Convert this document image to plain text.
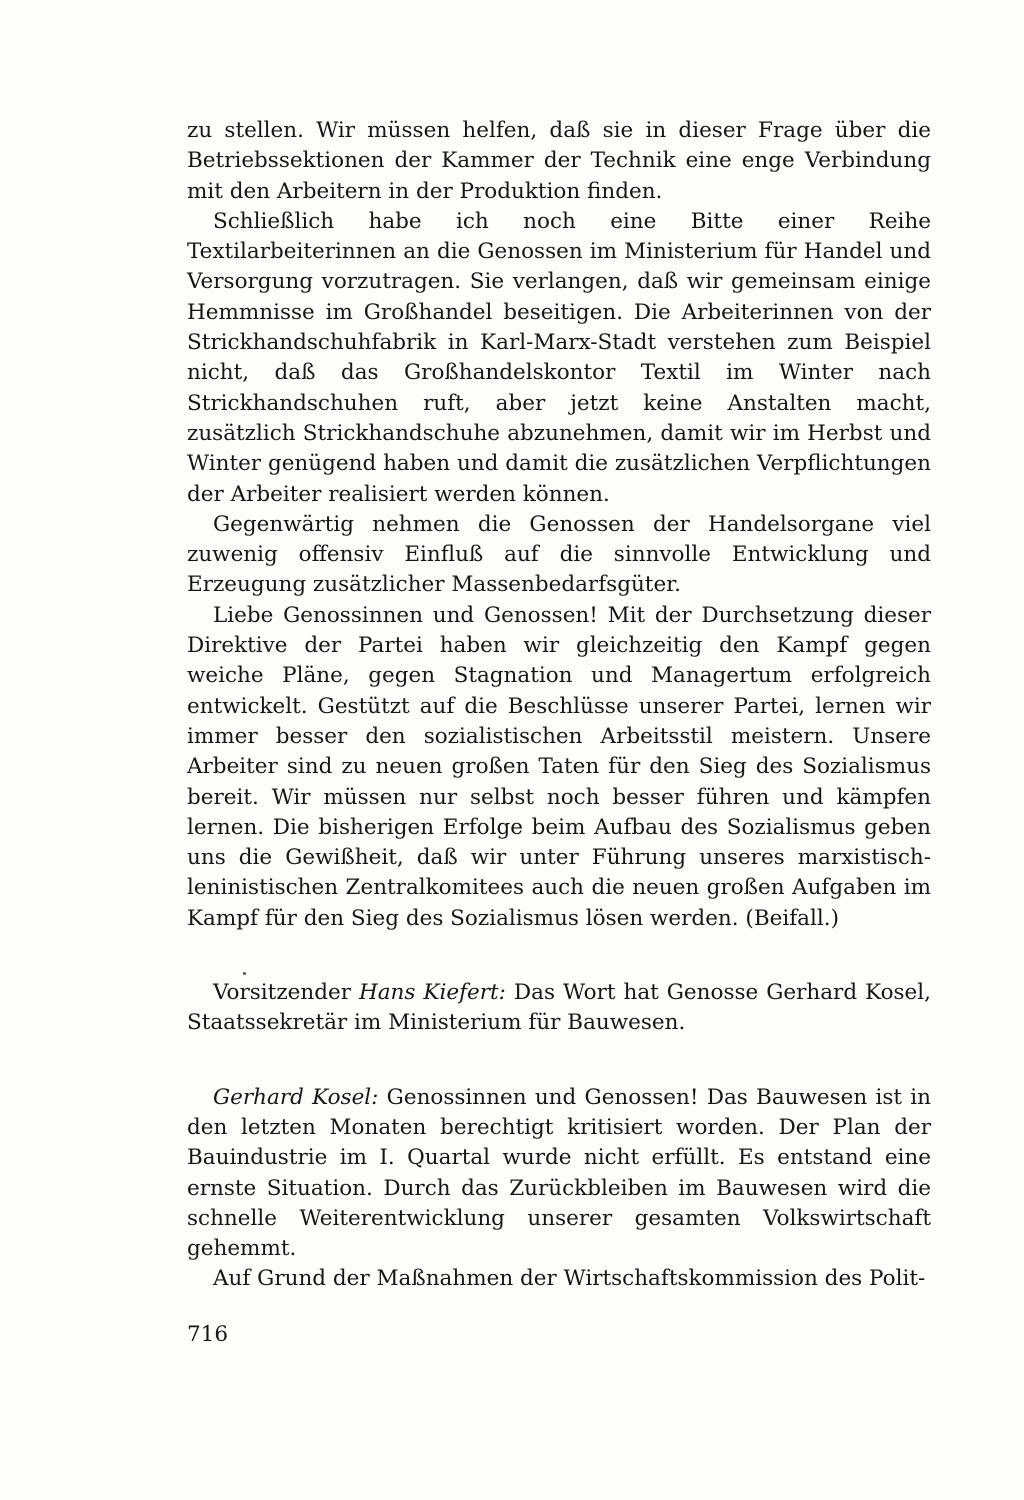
zu stellen. Wir müssen helfen, daß sie in dieser Frage über die Betriebssektionen der Kammer der Technik eine enge Verbindung mit den Arbeitern in der Produktion finden.

Schließlich habe ich noch eine Bitte einer Reihe Textilarbeiterinnen an die Genossen im Ministerium für Handel und Versorgung vorzutragen. Sie verlangen, daß wir gemeinsam einige Hemmnisse im Großhandel beseitigen. Die Arbeiterinnen von der Strickhandschuhfabrik in Karl-Marx-Stadt verstehen zum Beispiel nicht, daß das Großhandelskontor Textil im Winter nach Strickhandschuhen ruft, aber jetzt keine Anstalten macht, zusätzlich Strickhandschuhe abzunehmen, damit wir im Herbst und Winter genügend haben und damit die zusätzlichen Verpflichtungen der Arbeiter realisiert werden können.

Gegenwärtig nehmen die Genossen der Handelsorgane viel zuwenig offensiv Einfluß auf die sinnvolle Entwicklung und Erzeugung zusätzlicher Massenbedarfsgüter.

Liebe Genossinnen und Genossen! Mit der Durchsetzung dieser Direktive der Partei haben wir gleichzeitig den Kampf gegen weiche Pläne, gegen Stagnation und Managertum erfolgreich entwickelt. Gestützt auf die Beschlüsse unserer Partei, lernen wir immer besser den sozialistischen Arbeitsstil meistern. Unsere Arbeiter sind zu neuen großen Taten für den Sieg des Sozialismus bereit. Wir müssen nur selbst noch besser führen und kämpfen lernen. Die bisherigen Erfolge beim Aufbau des Sozialismus geben uns die Gewißheit, daß wir unter Führung unseres marxistisch-leninistischen Zentralkomitees auch die neuen großen Aufgaben im Kampf für den Sieg des Sozialismus lösen werden. (Beifall.)

Vorsitzender Hans Kiefert: Das Wort hat Genosse Gerhard Kosel, Staatssekretär im Ministerium für Bauwesen.

Gerhard Kosel: Genossinnen und Genossen! Das Bauwesen ist in den letzten Monaten berechtigt kritisiert worden. Der Plan der Bauindustrie im I. Quartal wurde nicht erfüllt. Es entstand eine ernste Situation. Durch das Zurückbleiben im Bauwesen wird die schnelle Weiterentwicklung unserer gesamten Volkswirtschaft gehemmt.

Auf Grund der Maßnahmen der Wirtschaftskommission des Polit-

716
